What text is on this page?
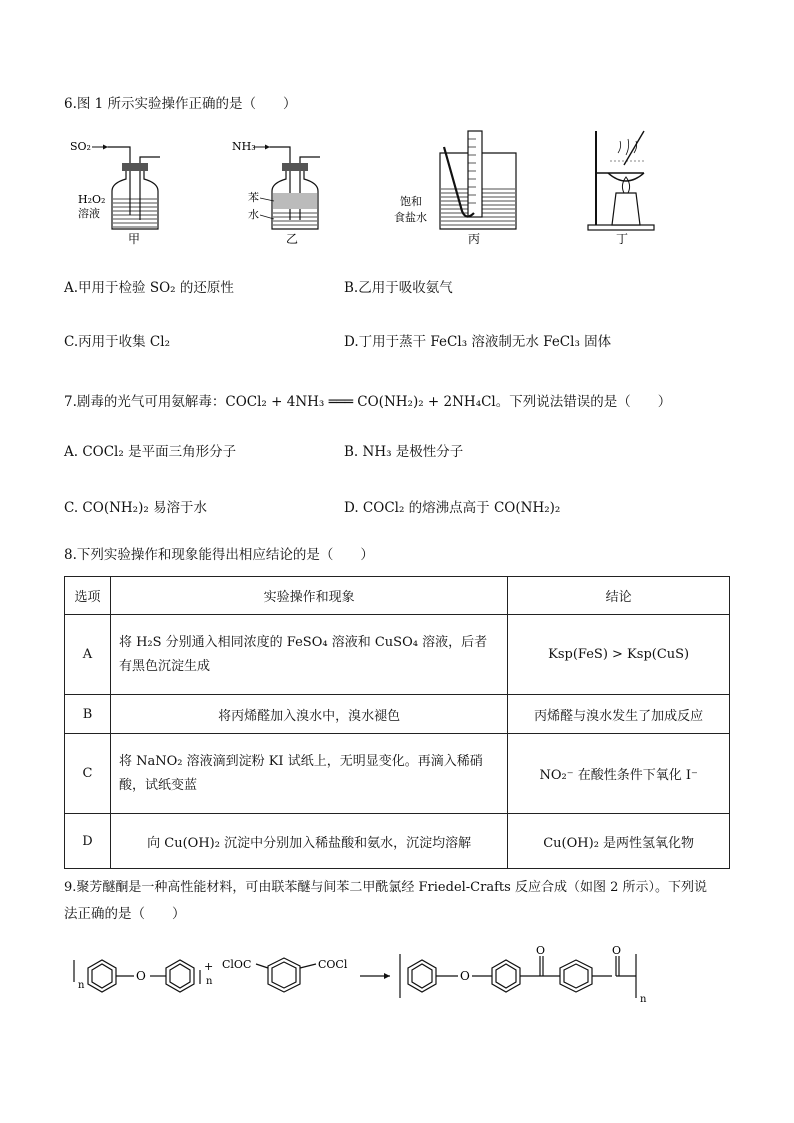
6.图 1 所示实验操作正确的是（　　）
SO₂
H₂O₂
溶液
甲
NH₃
苯
水
乙
饱和
食盐水
丙	丁
A.甲用于检验 SO₂ 的还原性	B.乙用于吸收氨气
C.丙用于收集 Cl₂	D.丁用于蒸干 FeCl₃ 溶液制无水 FeCl₃ 固体
7.剧毒的光气可用氨解毒：COCl₂ + 4NH₃ ═══ CO(NH₂)₂ + 2NH₄Cl。下列说法错误的是（　　）
A. COCl₂ 是平面三角形分子	B. NH₃ 是极性分子
C. CO(NH₂)₂ 易溶于水	D. COCl₂ 的熔沸点高于 CO(NH₂)₂
8.下列实验操作和现象能得出相应结论的是（　　）
选项	实验操作和现象	结论
A	将 H₂S 分别通入相同浓度的 FeSO₄ 溶液和 CuSO₄ 溶液，后者有黑色沉淀生成	Ksp(FeS) > Ksp(CuS)
B	将丙烯醛加入溴水中，溴水褪色	丙烯醛与溴水发生了加成反应
C	将 NaNO₂ 溶液滴到淀粉 KI 试纸上，无明显变化。再滴入稀硝酸，试纸变蓝	NO₂⁻ 在酸性条件下氧化 I⁻
D	向 Cu(OH)₂ 沉淀中分别加入稀盐酸和氨水，沉淀均溶解	Cu(OH)₂ 是两性氢氧化物
9.聚芳醚酮是一种高性能材料，可由联苯醚与间苯二甲酰氯经 Friedel-Crafts 反应合成（如图 2 所示）。下列说
法正确的是（　　）
n
O
+
n
ClOC	COCl
O
O	O
n
